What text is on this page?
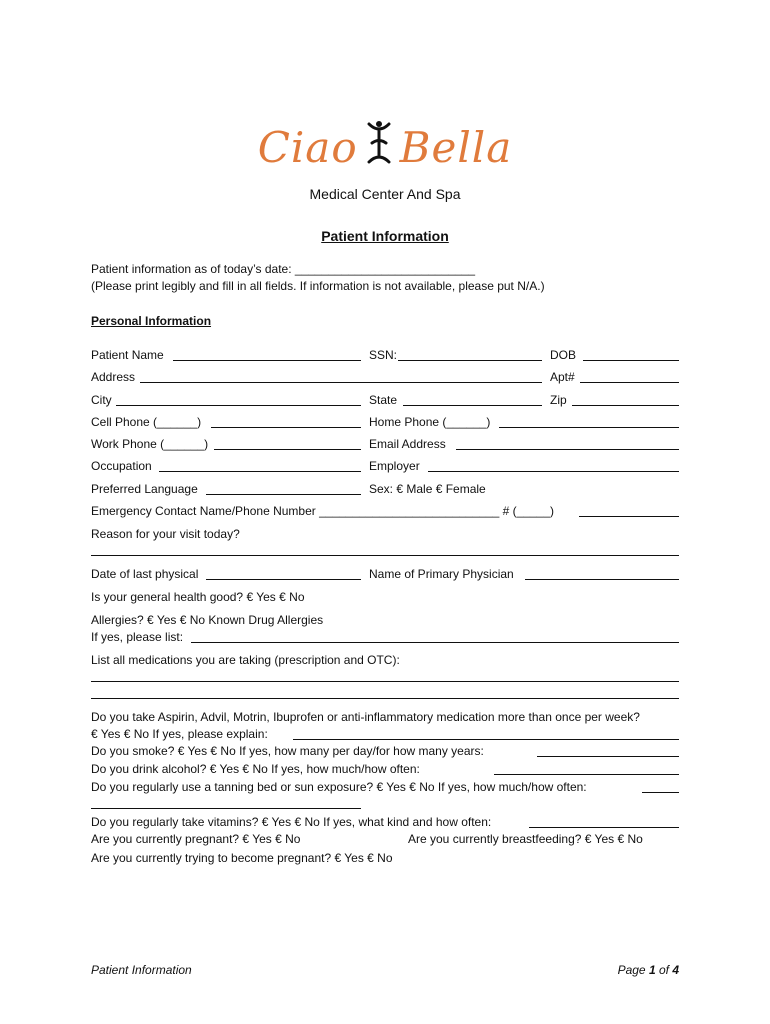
Ciao Bella
Medical Center And Spa
Patient Information
Patient information as of today’s date: ___________________________
(Please print legibly and fill in all fields. If information is not available, please put N/A.)
Personal Information
Patient Name	SSN:	DOB
Address	Apt#
City	State	Zip
Cell Phone (______)	Home Phone (______)
Work Phone (______)	Email Address
Occupation	Employer
Preferred Language	Sex: € Male € Female
Emergency Contact Name/Phone Number ___________________________ # (_____)
Reason for your visit today?
Date of last physical	Name of Primary Physician
Is your general health good? € Yes € No
Allergies? € Yes € No Known Drug Allergies
If yes, please list:
List all medications you are taking (prescription and OTC):
Do you take Aspirin, Advil, Motrin, Ibuprofen or anti-inflammatory medication more than once per week?
€ Yes € No If yes, please explain:
Do you smoke? € Yes € No If yes, how many per day/for how many years:
Do you drink alcohol? € Yes € No If yes, how much/how often:
Do you regularly use a tanning bed or sun exposure? € Yes € No If yes, how much/how often:
Do you regularly take vitamins? € Yes € No If yes, what kind and how often:
Are you currently pregnant? € Yes € No	Are you currently breastfeeding? € Yes € No
Are you currently trying to become pregnant? € Yes € No
Patient Information	Page 1 of 4
